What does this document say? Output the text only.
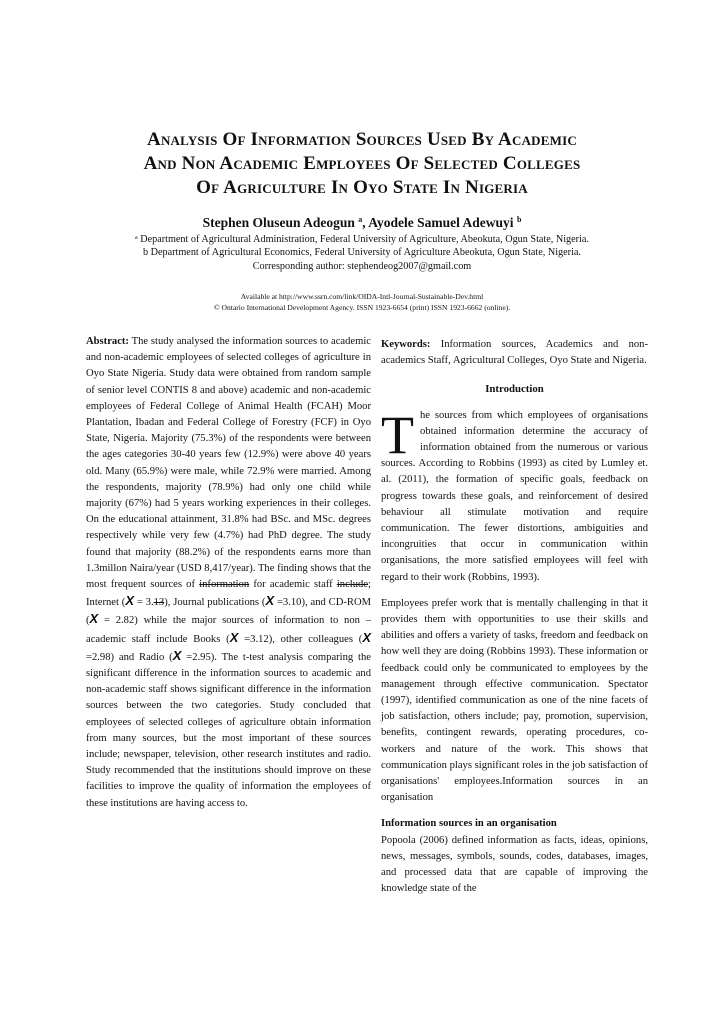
Analysis Of Information Sources Used By Academic
And Non Academic Employees Of Selected Colleges
Of Agriculture In Oyo State In Nigeria

Stephen Oluseun Adeogun $^a$, Ayodele Samuel Adewuyi $^b$

$^a$ Department of Agricultural Administration, Federal University of Agriculture, Abeokuta, Ogun State, Nigeria.
b Department of Agricultural Economics, Federal University of Agriculture Abeokuta, Ogun State, Nigeria.
Corresponding author: stephendeog2007@gmail.com
Available at http://www.ssrn.com/link/OIDA-Intl-Journal-Sustainable-Dev.html
© Ontario International Development Agency. ISSN 1923-6654 (print) ISSN 1923-6662 (online).

Abstract: The study analysed the information sources to academic and non-academic employees of selected colleges of agriculture in Oyo State Nigeria. Study data were obtained from random sample of senior level CONTIS 8 and above) academic and non-academic employees of Federal College of Animal Health (FCAH) Moor Plantation, Ibadan and Federal College of Forestry (FCF) in Oyo State, Nigeria. Majority (75.3%) of the respondents were between the ages categories 30-40 years few (12.9%) were above 40 years old. Many (65.9%) were male, while 72.9% were married. Among the respondents, majority (78.9%) had only one child while majority (67%) had 5 years working experiences in their colleges. On the educational attainment, 31.8% had BSc. and MSc. degrees respectively while very few (4.7%) had PhD degree. The study found that majority (88.2%) of the respondents earns more than 1.3millon Naira/year (USD 8,417/year). The finding shows that the most frequent sources of information for academic staff include; Internet (X = 3.13), Journal publications (X =3.10), and CD-ROM (X = 2.82) while the major sources of information to non – academic staff include Books (X =3.12), other colleagues (X =2.98) and Radio (X =2.95). The t-test analysis comparing the significant difference in the information sources to academic and non-academic staff shows significant difference in the information sources between the two categories. Study concluded that employees of selected colleges of agriculture obtain information from many sources, but the most important of these sources include; newspaper, television, other research institutes and radio. Study recommended that the institutions should improve on these facilities to improve the quality of information the employees of these institutions are having access to.

Keywords: Information sources, Academics and non-academics Staff, Agricultural Colleges, Oyo State and Nigeria.

Introduction

The sources from which employees of organisations obtained information determine the accuracy of information obtained from the numerous or various sources. According to Robbins (1993) as cited by Lumley et. al. (2011), the formation of specific goals, feedback on progress towards these goals, and reinforcement of desired behaviour all stimulate motivation and require communication. The fewer distortions, ambiguities and incongruities that occur in communication within organisations, the more satisfied employees will feel with regard to their work (Robbins, 1993).

Employees prefer work that is mentally challenging in that it provides them with opportunities to use their skills and abilities and offers a variety of tasks, freedom and feedback on how well they are doing (Robbins 1993). These information or feedback could only be communicated to employees by the management through effective communication. Spectator (1997), identified communication as one of the nine facets of job satisfaction, others include; pay, promotion, supervision, benefits, contingent rewards, operating procedures, co-workers and nature of the work. This shows that communication plays significant roles in the job satisfaction of organisations' employees.Information sources in an organisation

Information sources in an organisation

Popoola (2006) defined information as facts, ideas, opinions, news, messages, symbols, sounds, codes, databases, images, and processed data that are capable of improving the knowledge state of the
